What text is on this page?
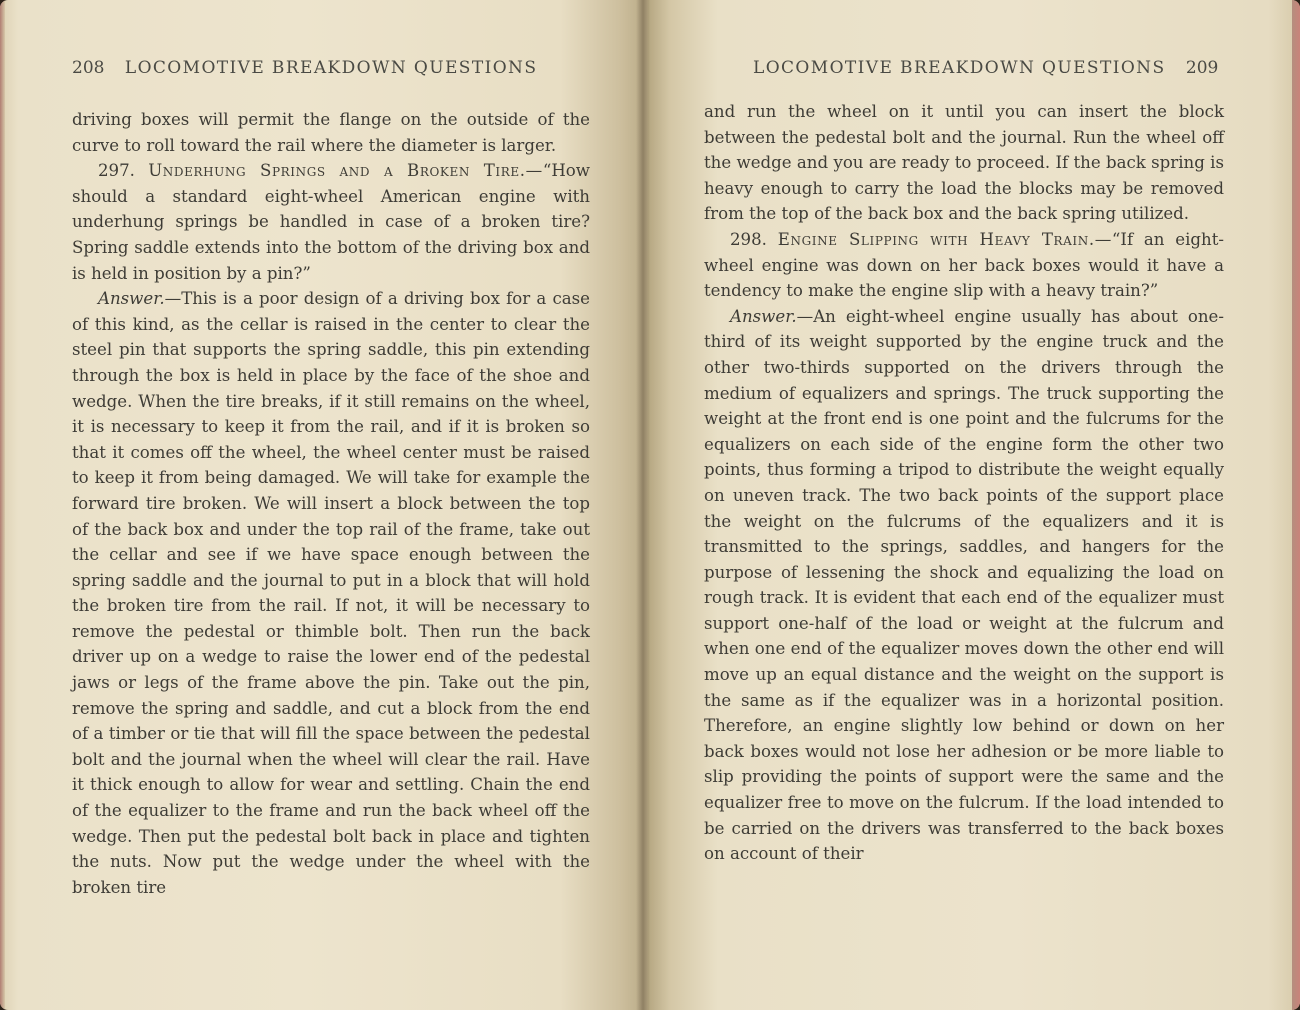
208 LOCOMOTIVE BREAKDOWN QUESTIONS

driving boxes will permit the flange on the outside of the curve to roll toward the rail where the diameter is larger.

297. Underhung Springs and a Broken Tire.—“How should a standard eight-wheel American engine with underhung springs be handled in case of a broken tire? Spring saddle extends into the bottom of the driving box and is held in position by a pin?”

Answer.—This is a poor design of a driving box for a case of this kind, as the cellar is raised in the center to clear the steel pin that supports the spring saddle, this pin extending through the box is held in place by the face of the shoe and wedge. When the tire breaks, if it still remains on the wheel, it is necessary to keep it from the rail, and if it is broken so that it comes off the wheel, the wheel center must be raised to keep it from being damaged. We will take for example the forward tire broken. We will insert a block between the top of the back box and under the top rail of the frame, take out the cellar and see if we have space enough between the spring saddle and the journal to put in a block that will hold the broken tire from the rail. If not, it will be necessary to remove the pedestal or thimble bolt. Then run the back driver up on a wedge to raise the lower end of the pedestal jaws or legs of the frame above the pin. Take out the pin, remove the spring and saddle, and cut a block from the end of a timber or tie that will fill the space between the pedestal bolt and the journal when the wheel will clear the rail. Have it thick enough to allow for wear and settling. Chain the end of the equalizer to the frame and run the back wheel off the wedge. Then put the pedestal bolt back in place and tighten the nuts. Now put the wedge under the wheel with the broken tire

LOCOMOTIVE BREAKDOWN QUESTIONS 209

and run the wheel on it until you can insert the block between the pedestal bolt and the journal. Run the wheel off the wedge and you are ready to proceed. If the back spring is heavy enough to carry the load the blocks may be removed from the top of the back box and the back spring utilized.

298. Engine Slipping with Heavy Train.—“If an eight-wheel engine was down on her back boxes would it have a tendency to make the engine slip with a heavy train?”

Answer.—An eight-wheel engine usually has about one-third of its weight supported by the engine truck and the other two-thirds supported on the drivers through the medium of equalizers and springs. The truck supporting the weight at the front end is one point and the fulcrums for the equalizers on each side of the engine form the other two points, thus forming a tripod to distribute the weight equally on uneven track. The two back points of the support place the weight on the fulcrums of the equalizers and it is transmitted to the springs, saddles, and hangers for the purpose of lessening the shock and equalizing the load on rough track. It is evident that each end of the equalizer must support one-half of the load or weight at the fulcrum and when one end of the equalizer moves down the other end will move up an equal distance and the weight on the support is the same as if the equalizer was in a horizontal position. Therefore, an engine slightly low behind or down on her back boxes would not lose her adhesion or be more liable to slip providing the points of support were the same and the equalizer free to move on the fulcrum. If the load intended to be carried on the drivers was transferred to the back boxes on account of their
